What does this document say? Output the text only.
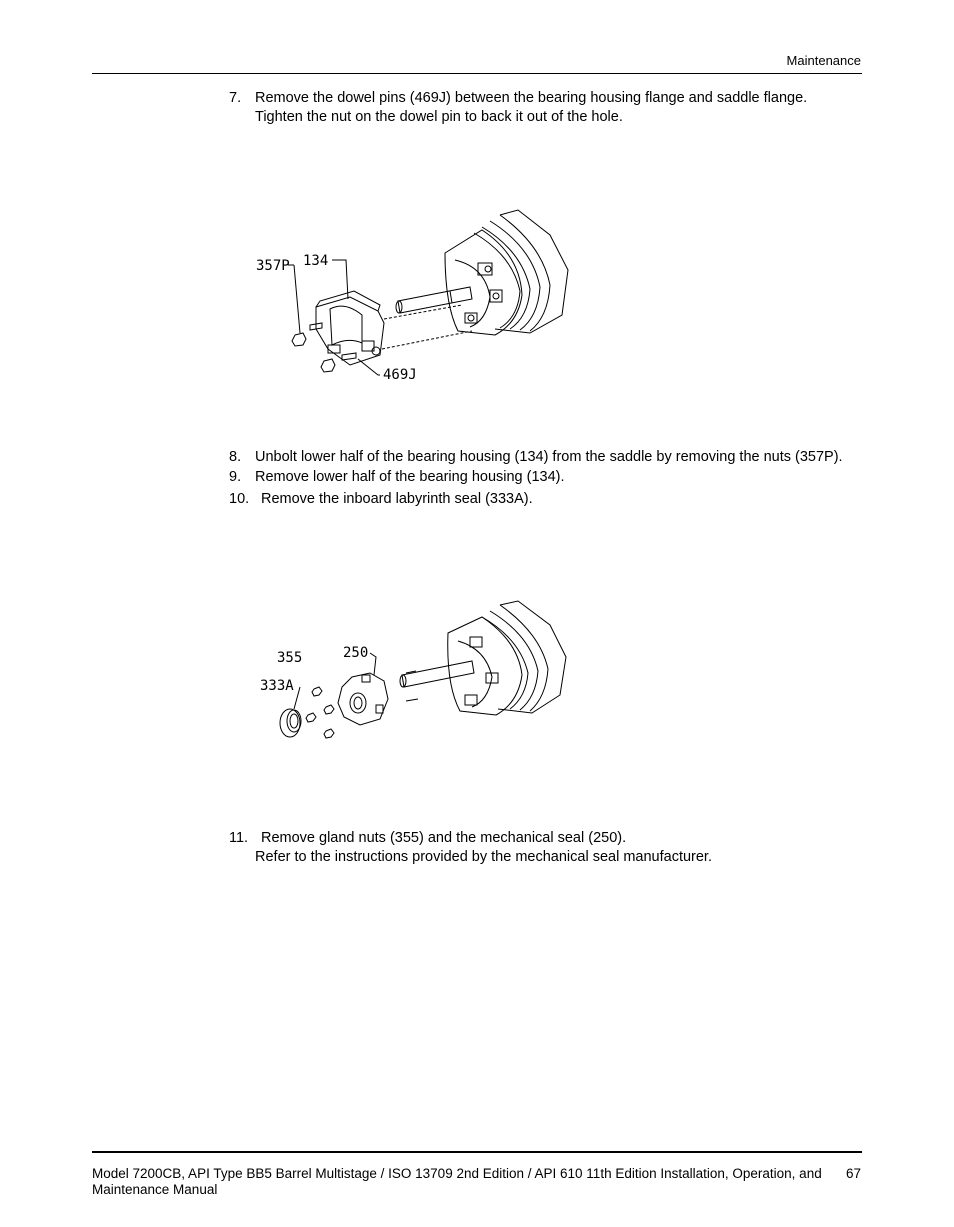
Maintenance
7. Remove the dowel pins (469J) between the bearing housing flange and saddle flange.
Tighten the nut on the dowel pin to back it out of the hole.
357P 134
469J
8. Unbolt lower half of the bearing housing (134) from the saddle by removing the nuts (357P).
9. Remove lower half of the bearing housing (134).
10. Remove the inboard labyrinth seal (333A).
355	250
333A
11. Remove gland nuts (355) and the mechanical seal (250).
Refer to the instructions provided by the mechanical seal manufacturer.
Model 7200CB, API Type BB5 Barrel Multistage / ISO 13709 2nd Edition / API 610 11th Edition Installation, Operation, and Maintenance Manual
67
